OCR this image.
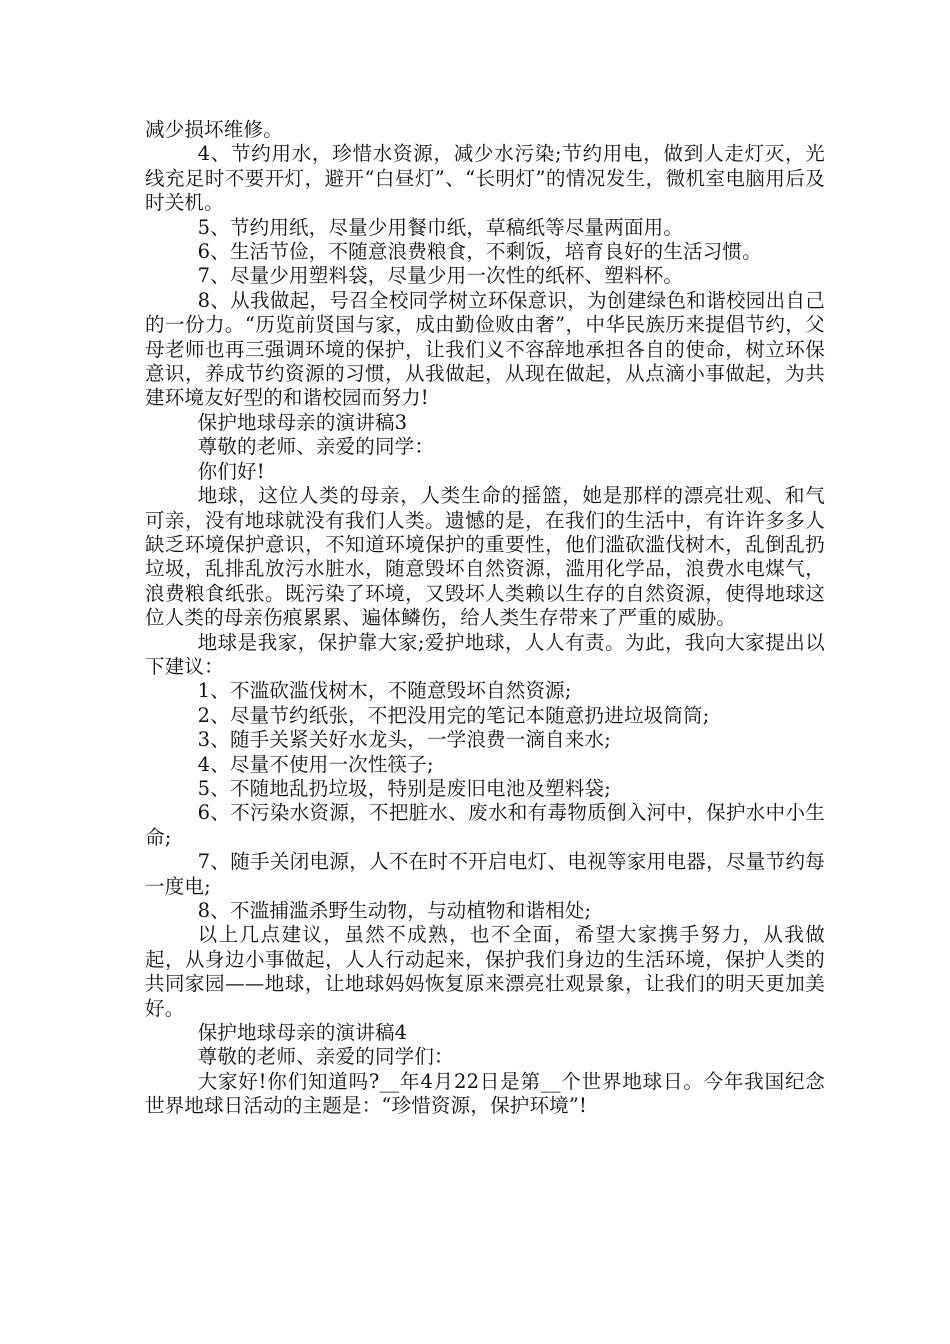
减少损坏维修。

4、节约用水，珍惜水资源，减少水污染;节约用电，做到人走灯灭，光线充足时不要开灯，避开“白昼灯”、“长明灯”的情况发生，微机室电脑用后及时关机。

5、节约用纸，尽量少用餐巾纸，草稿纸等尽量两面用。

6、生活节俭，不随意浪费粮食，不剩饭，培育良好的生活习惯。

7、尽量少用塑料袋，尽量少用一次性的纸杯、塑料杯。

8、从我做起，号召全校同学树立环保意识，为创建绿色和谐校园出自己的一份力。“历览前贤国与家，成由勤俭败由奢”，中华民族历来提倡节约，父母老师也再三强调环境的保护，让我们义不容辞地承担各自的使命，树立环保意识，养成节约资源的习惯，从我做起，从现在做起，从点滴小事做起，为共建环境友好型的和谐校园而努力!

保护地球母亲的演讲稿3

尊敬的老师、亲爱的同学：

你们好!

地球，这位人类的母亲，人类生命的摇篮，她是那样的漂亮壮观、和气可亲，没有地球就没有我们人类。遗憾的是，在我们的生活中，有许许多多人缺乏环境保护意识，不知道环境保护的重要性，他们滥砍滥伐树木，乱倒乱扔垃圾，乱排乱放污水脏水，随意毁坏自然资源，滥用化学品，浪费水电煤气，浪费粮食纸张。既污染了环境，又毁坏人类赖以生存的自然资源，使得地球这位人类的母亲伤痕累累、遍体鳞伤，给人类生存带来了严重的威胁。

地球是我家，保护靠大家;爱护地球，人人有责。为此，我向大家提出以下建议：

1、不滥砍滥伐树木，不随意毁坏自然资源;

2、尽量节约纸张，不把没用完的笔记本随意扔进垃圾筒筒;

3、随手关紧关好水龙头，一学浪费一滴自来水;

4、尽量不使用一次性筷子;

5、不随地乱扔垃圾，特别是废旧电池及塑料袋;

6、不污染水资源，不把脏水、废水和有毒物质倒入河中，保护水中小生命;

7、随手关闭电源，人不在时不开启电灯、电视等家用电器，尽量节约每一度电;

8、不滥捕滥杀野生动物，与动植物和谐相处;

以上几点建议，虽然不成熟，也不全面，希望大家携手努力，从我做起，从身边小事做起，人人行动起来，保护我们身边的生活环境，保护人类的共同家园——地球，让地球妈妈恢复原来漂亮壮观景象，让我们的明天更加美好。

保护地球母亲的演讲稿4

尊敬的老师、亲爱的同学们：

大家好!你们知道吗?__年4月22日是第__个世界地球日。今年我国纪念世界地球日活动的主题是：“珍惜资源，保护环境”!
